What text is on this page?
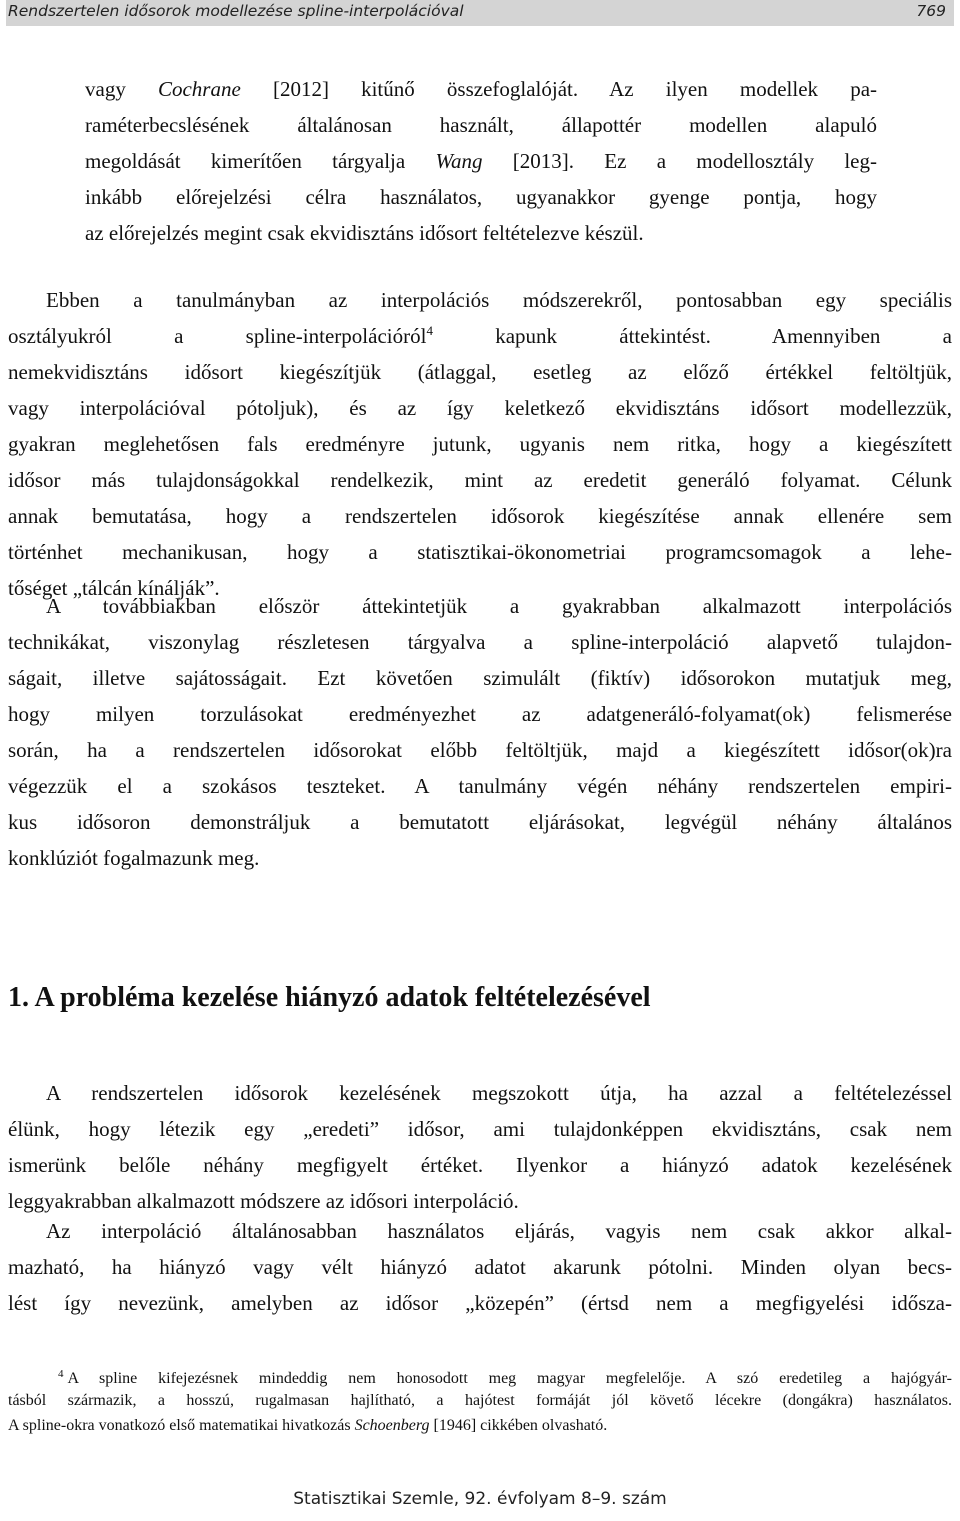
Rendszertelen idősorok modellezése spline-interpolációval	769
vagy Cochrane [2012] kitűnő összefoglalóját. Az ilyen modellek pa-
raméterbecslésének általánosan használt, állapottér modellen alapuló
megoldását kimerítően tárgyalja Wang [2013]. Ez a modellosztály leg-
inkább előrejelzési célra használatos, ugyanakkor gyenge pontja, hogy
az előrejelzés megint csak ekvidisztáns idősort feltételezve készül.
Ebben a tanulmányban az interpolációs módszerekről, pontosabban egy speciális
osztályukról a spline-interpolációról$^4$ kapunk áttekintést. Amennyiben a
nemekvidisztáns idősort kiegészítjük (átlaggal, esetleg az előző értékkel feltöltjük,
vagy interpolációval pótoljuk), és az így keletkező ekvidisztáns idősort modellezzük,
gyakran meglehetősen fals eredményre jutunk, ugyanis nem ritka, hogy a kiegészített
idősor más tulajdonságokkal rendelkezik, mint az eredetit generáló folyamat. Célunk
annak bemutatása, hogy a rendszertelen idősorok kiegészítése annak ellenére sem
történhet mechanikusan, hogy a statisztikai-ökonometriai programcsomagok a lehe-
tőséget „tálcán kínálják”.
A továbbiakban először áttekintetjük a gyakrabban alkalmazott interpolációs
technikákat, viszonylag részletesen tárgyalva a spline-interpoláció alapvető tulajdon-
ságait, illetve sajátosságait. Ezt követően szimulált (fiktív) idősorokon mutatjuk meg,
hogy milyen torzulásokat eredményezhet az adatgeneráló-folyamat(ok) felismerése
során, ha a rendszertelen idősorokat előbb feltöltjük, majd a kiegészített idősor(ok)ra
végezzük el a szokásos teszteket. A tanulmány végén néhány rendszertelen empiri-
kus idősoron demonstráljuk a bemutatott eljárásokat, legvégül néhány általános
konklúziót fogalmazunk meg.
1. A probléma kezelése hiányzó adatok feltételezésével
A rendszertelen idősorok kezelésének megszokott útja, ha azzal a feltételezéssel
élünk, hogy létezik egy „eredeti” idősor, ami tulajdonképpen ekvidisztáns, csak nem
ismerünk belőle néhány megfigyelt értéket. Ilyenkor a hiányzó adatok kezelésének
leggyakrabban alkalmazott módszere az idősori interpoláció.
Az interpoláció általánosabban használatos eljárás, vagyis nem csak akkor alkal-
mazható, ha hiányzó vagy vélt hiányzó adatot akarunk pótolni. Minden olyan becs-
lést így nevezünk, amelyben az idősor „közepén” (értsd nem a megfigyelési idősza-
$^4$ A spline kifejezésnek mindeddig nem honosodott meg magyar megfelelője. A szó eredetileg a hajógyár-
tásból származik, a hosszú, rugalmasan hajlítható, a hajótest formáját jól követő lécekre (dongákra) használatos.
A spline-okra vonatkozó első matematikai hivatkozás Schoenberg [1946] cikkében olvasható.
Statisztikai Szemle, 92. évfolyam 8–9. szám
